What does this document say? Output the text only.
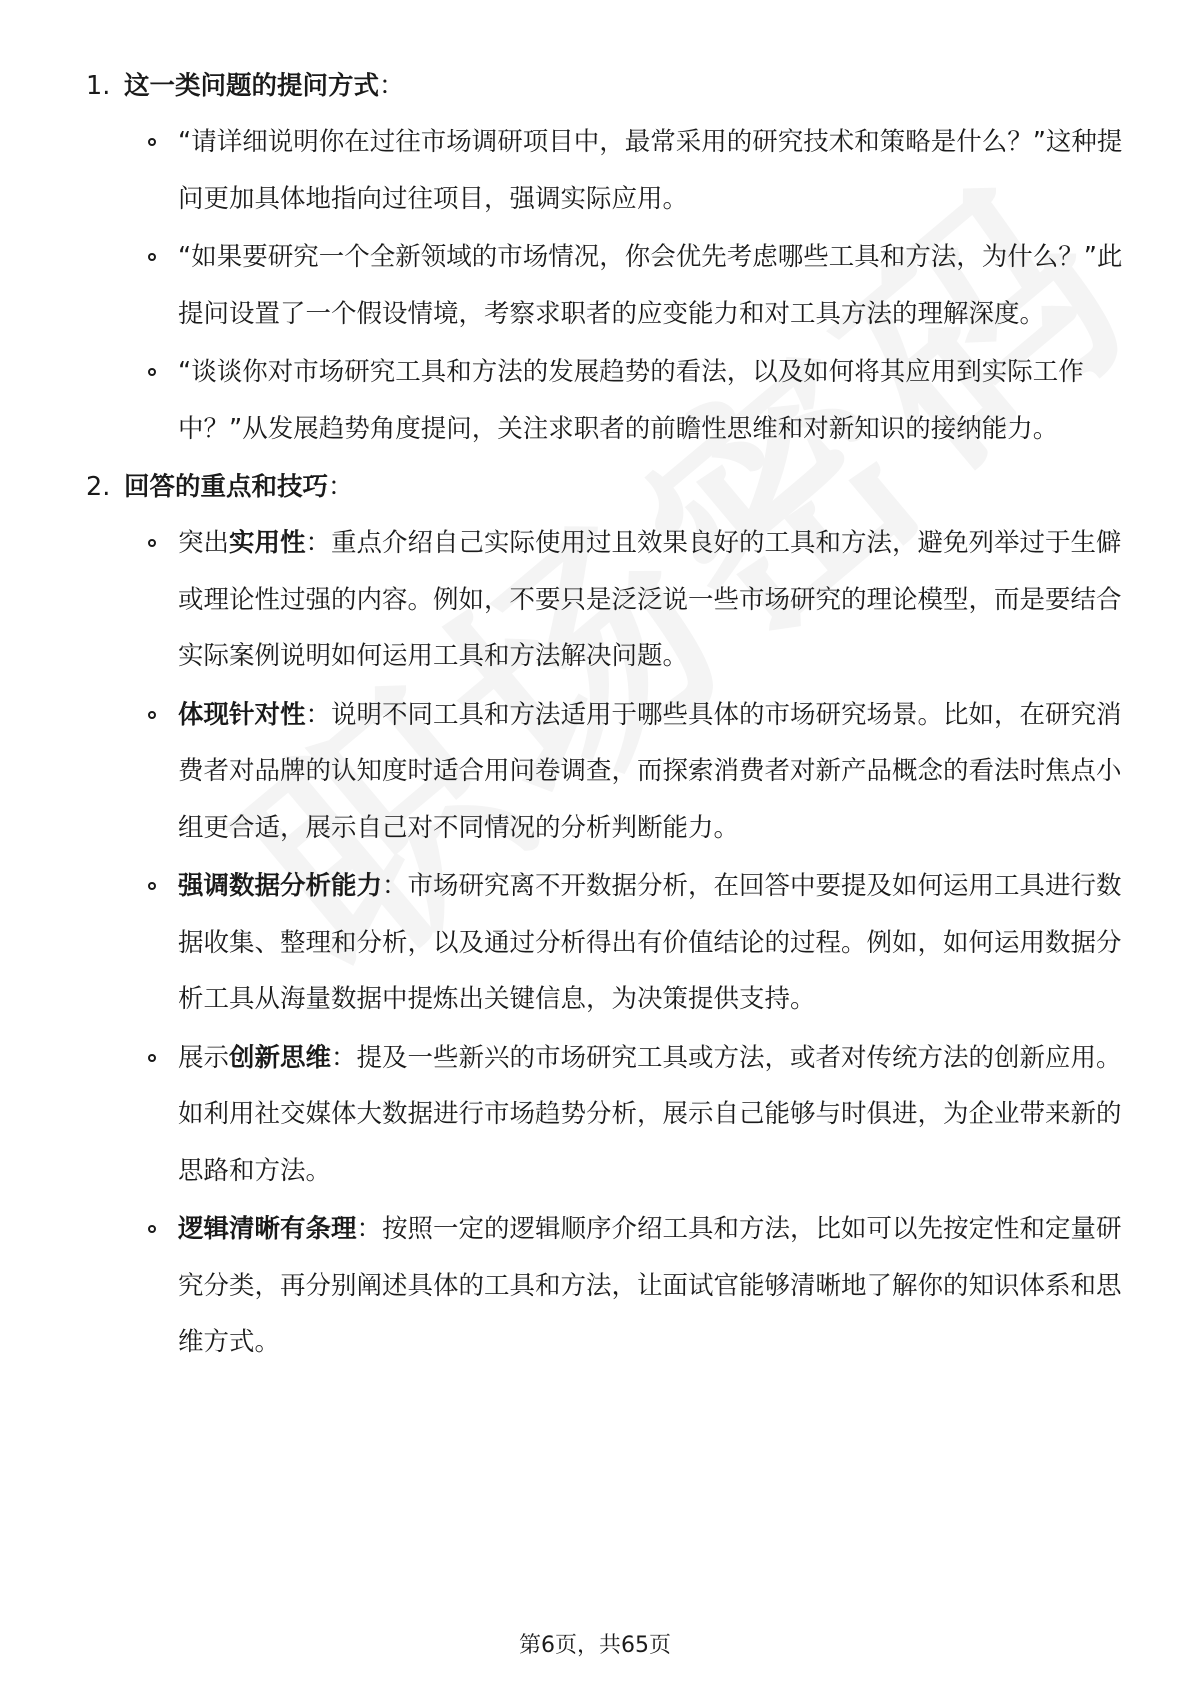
1. 这一类问题的提问方式：
“请详细说明你在过往市场调研项目中，最常采用的研究技术和策略是什么？”这种提问更加具体地指向过往项目，强调实际应用。
“如果要研究一个全新领域的市场情况，你会优先考虑哪些工具和方法，为什么？”此提问设置了一个假设情境，考察求职者的应变能力和对工具方法的理解深度。
“谈谈你对市场研究工具和方法的发展趋势的看法，以及如何将其应用到实际工作中？”从发展趋势角度提问，关注求职者的前瞻性思维和对新知识的接纳能力。
2. 回答的重点和技巧：
突出实用性：重点介绍自己实际使用过且效果良好的工具和方法，避免列举过于生僻或理论性过强的内容。例如，不要只是泛泛说一些市场研究的理论模型，而是要结合实际案例说明如何运用工具和方法解决问题。
体现针对性：说明不同工具和方法适用于哪些具体的市场研究场景。比如，在研究消费者对品牌的认知度时适合用问卷调查，而探索消费者对新产品概念的看法时焦点小组更合适，展示自己对不同情况的分析判断能力。
强调数据分析能力：市场研究离不开数据分析，在回答中要提及如何运用工具进行数据收集、整理和分析，以及通过分析得出有价值结论的过程。例如，如何运用数据分析工具从海量数据中提炼出关键信息，为决策提供支持。
展示创新思维：提及一些新兴的市场研究工具或方法，或者对传统方法的创新应用。如利用社交媒体大数据进行市场趋势分析，展示自己能够与时俱进，为企业带来新的思路和方法。
逻辑清晰有条理：按照一定的逻辑顺序介绍工具和方法，比如可以先按定性和定量研究分类，再分别阐述具体的工具和方法，让面试官能够清晰地了解你的知识体系和思维方式。
第6页，共65页
